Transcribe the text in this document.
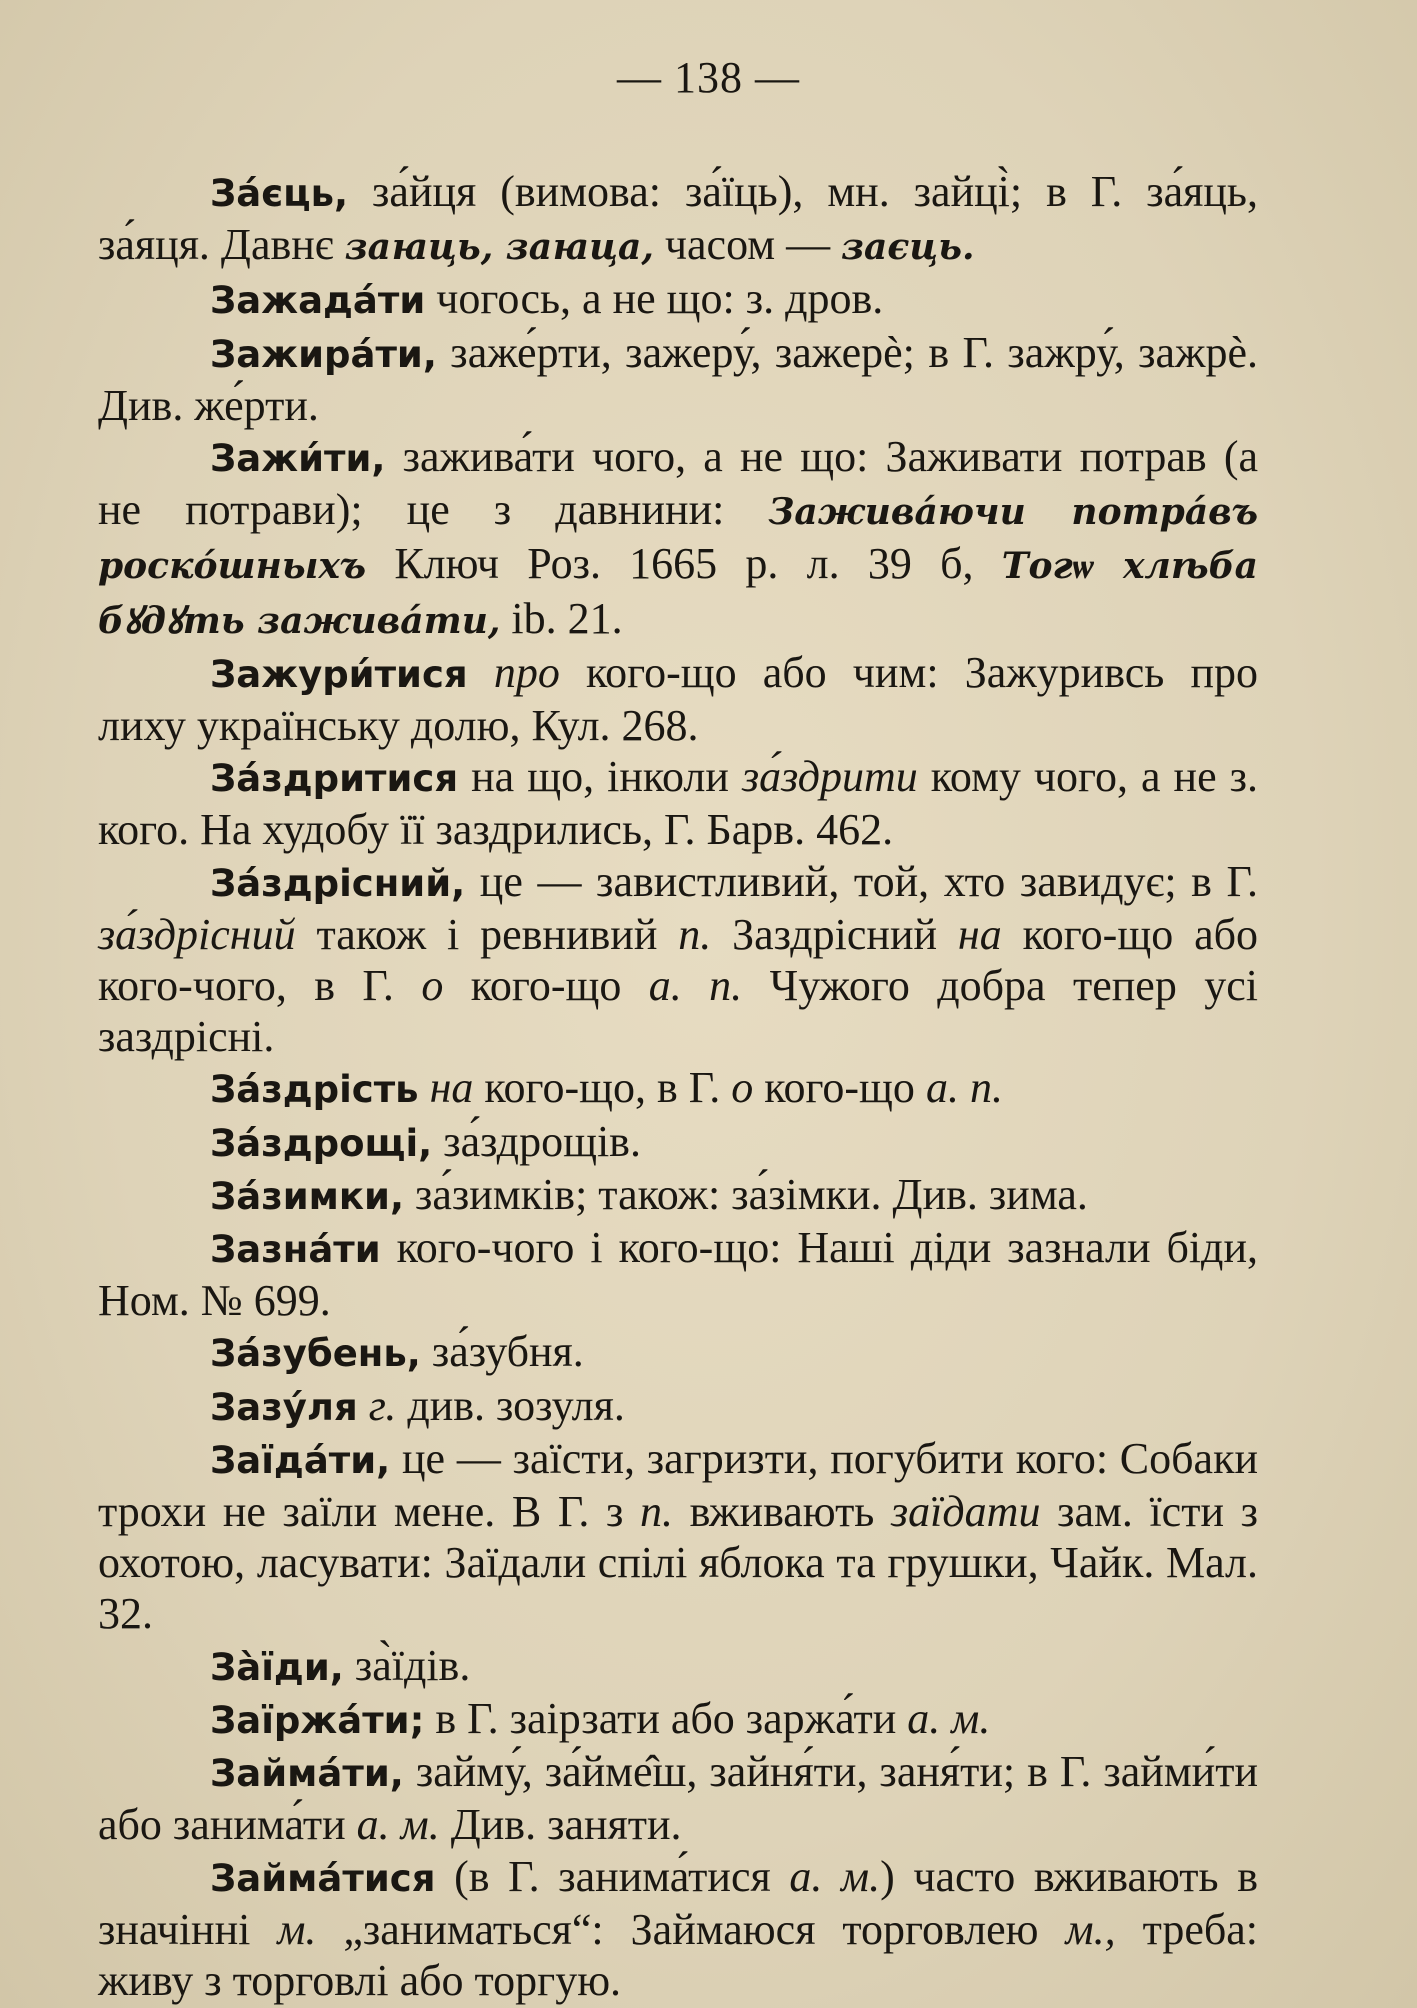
— 138 —

За́єць, за́йця (вимова: за́їць), мн. зайці̀; в Г. за́яць, за́яця. Давнє заꙗць, заꙗца, часом — заєць.

Зажада́ти чогось, а не що: з. дров.

Зажира́ти, заже́рти, зажеру́, зажерѐ; в Г. зажру́, зажрѐ. Див. же́рти.

Зажи́ти, зажива́ти чого, а не що: Заживати потрав (а не потрави); це з давнини: Заживáючи потрáвъ роскóшныхъ Ключ Роз. 1665 р. л. 39 б, Тогѡ хлѣба бꙋдꙋть заживáти, ib. 21.

Зажури́тися про кого-що або чим: Зажуривсь про лиху українську долю, Кул. 268.

За́здритися на що, інколи за́здрити кому чого, а не з. кого. На худобу її заздрились, Г. Барв. 462.

За́здрісний, це — завистливий, той, хто завидує; в Г. за́здрісний також і ревнивий п. Заздрісний на кого-що або кого-чого, в Г. о кого-що а. п. Чужого добра тепер усі заздрісні.

За́здрість на кого-що, в Г. о кого-що а. п.

За́здрощі, за́здрощів.

За́зимки, за́зимків; також: за́зімки. Див. зима.

Зазна́ти кого-чого і кого-що: Наші діди зазнали біди, Ном. № 699.

За́зубень, за́зубня.

Зазу́ля г. див. зозуля.

Заїда́ти, це — заїсти, загризти, погубити кого: Собаки трохи не заїли мене. В Г. з п. вживають заїдати зам. їсти з охотою, ласувати: Заїдали спілі яблока та грушки, Чайк. Мал. 32.

За̀їди, за̀їдів.

Заїржа́ти; в Г. заірзати або заржа́ти а. м.

Займа́ти, займу́, за́йме̂ш, зайня́ти, заня́ти; в Г. займи́ти або занима́ти а. м. Див. заняти.

Займа́тися (в Г. занима́тися а. м.) часто вживають в значінні м. „заниматься“: Займаюся торговлею м., треба: живу з торговлі або торгую.
